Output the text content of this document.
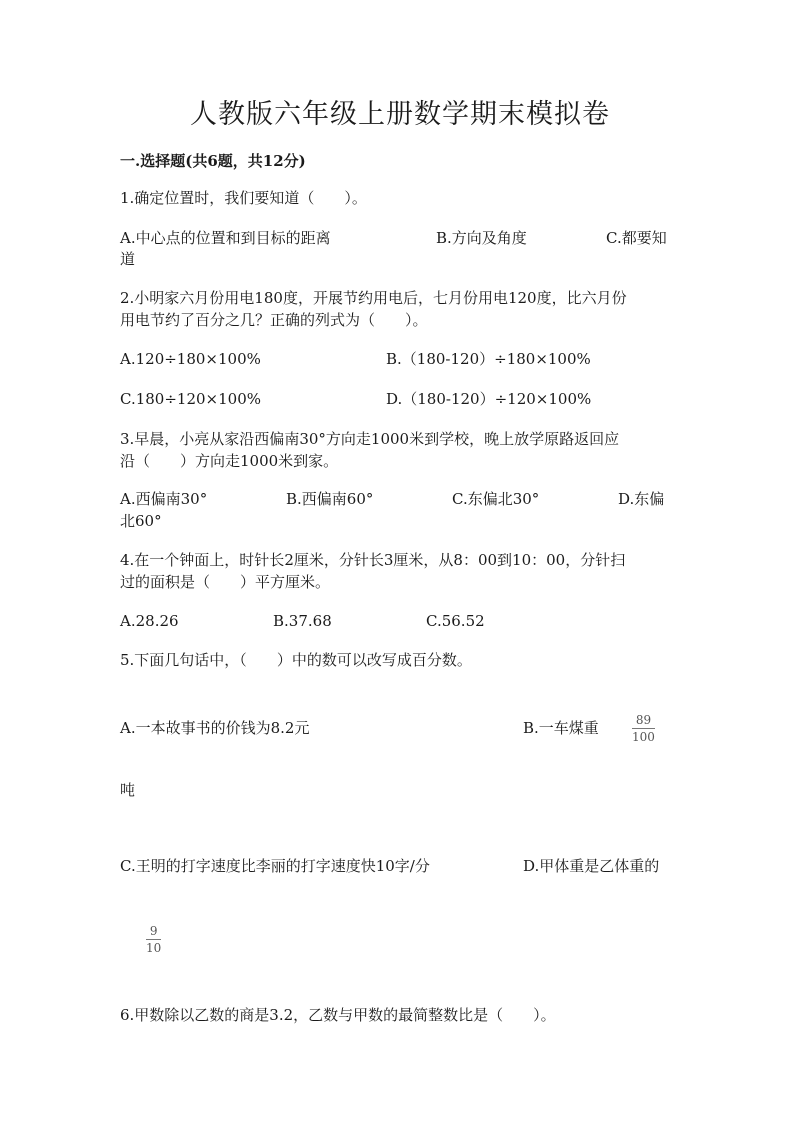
人教版六年级上册数学期末模拟卷
一.选择题(共6题，共12分)
1.确定位置时，我们要知道（　　）。
A.中心点的位置和到目标的距离	B.方向及角度	C.都要知
道
2.小明家六月份用电180度，开展节约用电后，七月份用电120度，比六月份
用电节约了百分之几？正确的列式为（　　）。
A.120÷180×100%	B.（180-120）÷180×100%
C.180÷120×100%	D.（180-120）÷120×100%
3.早晨，小亮从家沿西偏南30°方向走1000米到学校，晚上放学原路返回应
沿（　　）方向走1000米到家。
A.西偏南30°	B.西偏南60°	C.东偏北30°	D.东偏
北60°
4.在一个钟面上，时针长2厘米，分针长3厘米，从8：00到10：00，分针扫
过的面积是（　　）平方厘米。
A.28.26	B.37.68	C.56.52
5.下面几句话中，（　　）中的数可以改写成百分数。
A.一本故事书的价钱为8.2元	B.一车煤重	89
100
吨
C.王明的打字速度比李丽的打字速度快10字/分	D.甲体重是乙体重的
9
10
6.甲数除以乙数的商是3.2，乙数与甲数的最简整数比是（　　）。
